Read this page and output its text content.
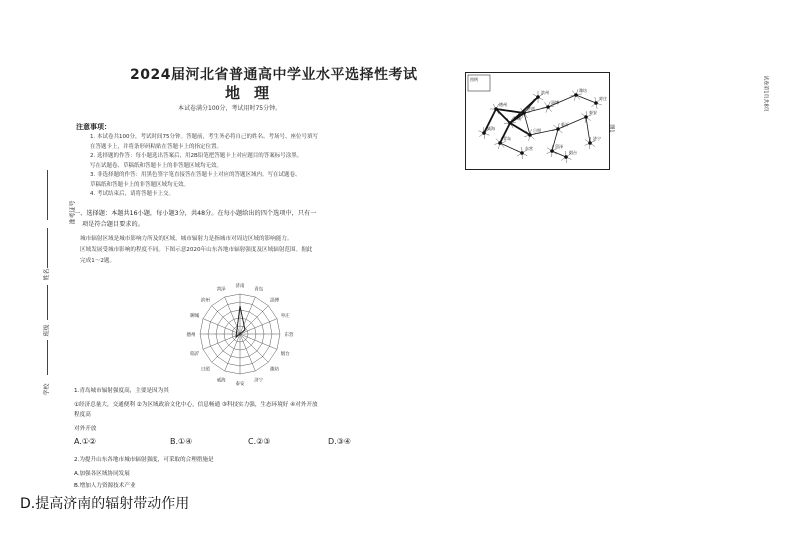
2024届河北省普通高中学业水平选择性考试
地理
本试卷满分100分，考试用时75分钟。
注意事项：
1. 本试卷共100分，考试时间75分钟。答题前，考生务必将自己的姓名、考场号、座位号填写
在答题卡上，并将条形码粘贴在答题卡上的指定位置。
2. 选择题的作答：每小题选出答案后，用2B铅笔把答题卡上对应题目的答案标号涂黑。
写在试题卷、草稿纸和答题卡上的非答题区域均无效。
3. 非选择题的作答：用黑色签字笔直接答在答题卡上对应的答题区域内。写在试题卷、
草稿纸和答题卡上的非答题区域均无效。
4. 考试结束后，请将答题卡上交。
一、选择题：本题共16小题，每小题3分，共48分。在每小题给出的四个选项中，只有一
项是符合题目要求的。
城市辐射区域是城市影响力所及的区域，城市辐射力是指城市对周边区域的影响能力。
区域发展受城市影响的程度不同。下图示意2020年山东各地市辐射强度及区域辐射范围。据此
完成1～2题。
济南
青岛
淄博
枣庄
东营
烟台
潍坊
济宁
泰安
威海
日照
临沂
德州
聊城
滨州
菏泽
1.青岛城市辐射强度高，主要是因为其
①经济总量大，交通便利 ②为区域政治文化中心，信息畅通 ③科技实力强，生态环境好 ④对外开放
程度高
对外开放
A.①②	B.①④	C.②③	D.③④
2.为提升山东各地市城市辐射强度，可采取的合理措施是
A.加强各区域协同发展
B.增加人力资源技术产业
D.提高济南的辐射带动作用
准考证号
姓名
班级
学校
图例
德州
聊城
济南
淄博
潍坊
青岛
日照
临沂
泰安
济宁
菏泽
滨州
东营
烟台
威海
枣庄
图1
试卷第1页共8页
